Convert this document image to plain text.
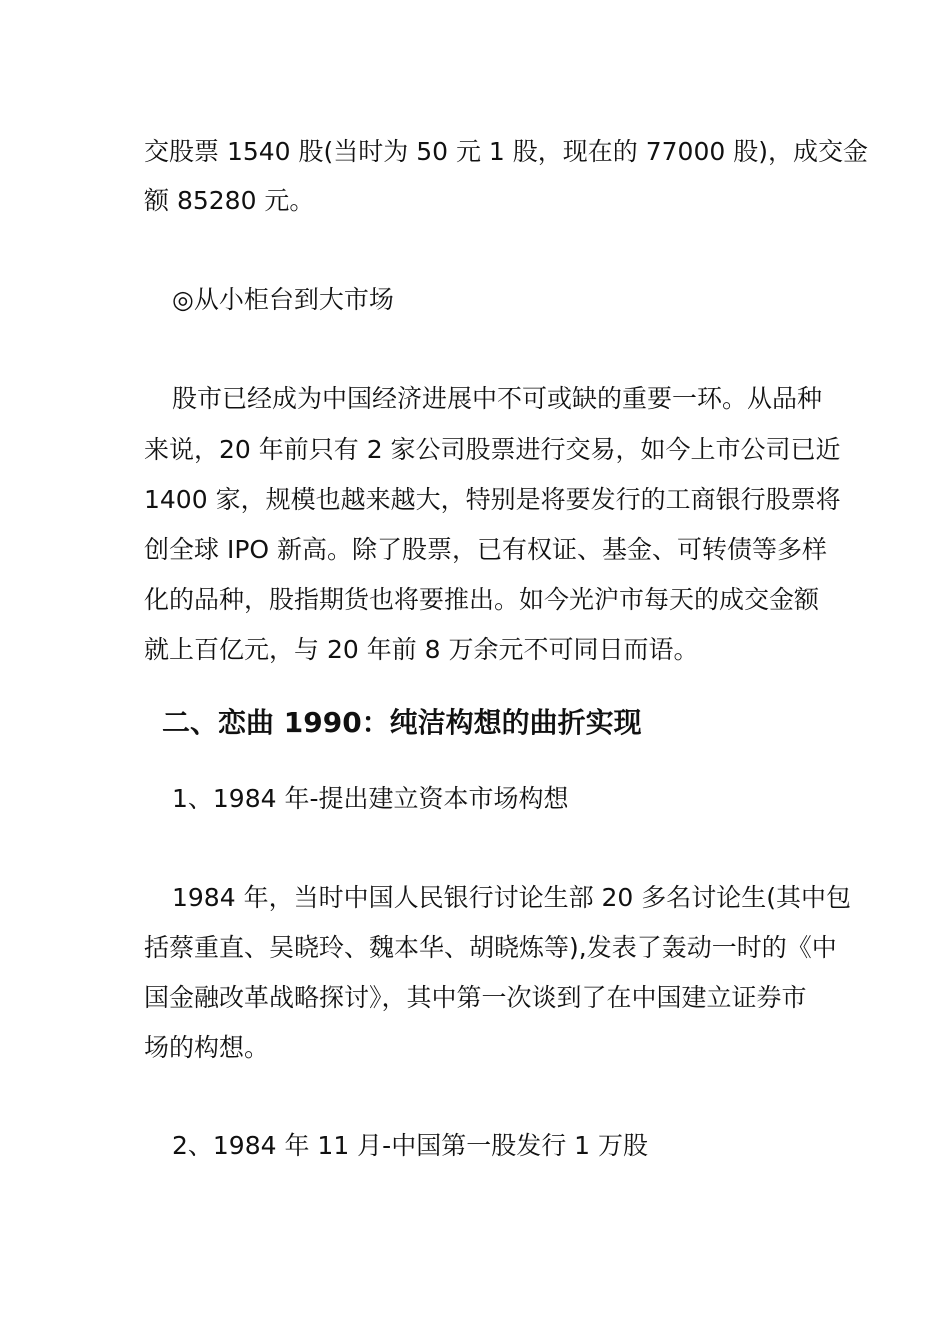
交股票 1540 股(当时为 50 元 1 股，现在的 77000 股)，成交金
额 85280 元。
◎从小柜台到大市场
股市已经成为中国经济进展中不可或缺的重要一环。从品种
来说，20 年前只有 2 家公司股票进行交易，如今上市公司已近
1400 家，规模也越来越大，特别是将要发行的工商银行股票将
创全球 IPO 新高。除了股票，已有权证、基金、可转债等多样
化的品种，股指期货也将要推出。如今光沪市每天的成交金额
就上百亿元，与 20 年前 8 万余元不可同日而语。
二、恋曲 1990：纯洁构想的曲折实现
1、1984 年-提出建立资本市场构想
1984 年，当时中国人民银行讨论生部 20 多名讨论生(其中包
括蔡重直、吴晓玲、魏本华、胡晓炼等),发表了轰动一时的《中
国金融改革战略探讨》，其中第一次谈到了在中国建立证券市
场的构想。
2、1984 年 11 月-中国第一股发行 1 万股
